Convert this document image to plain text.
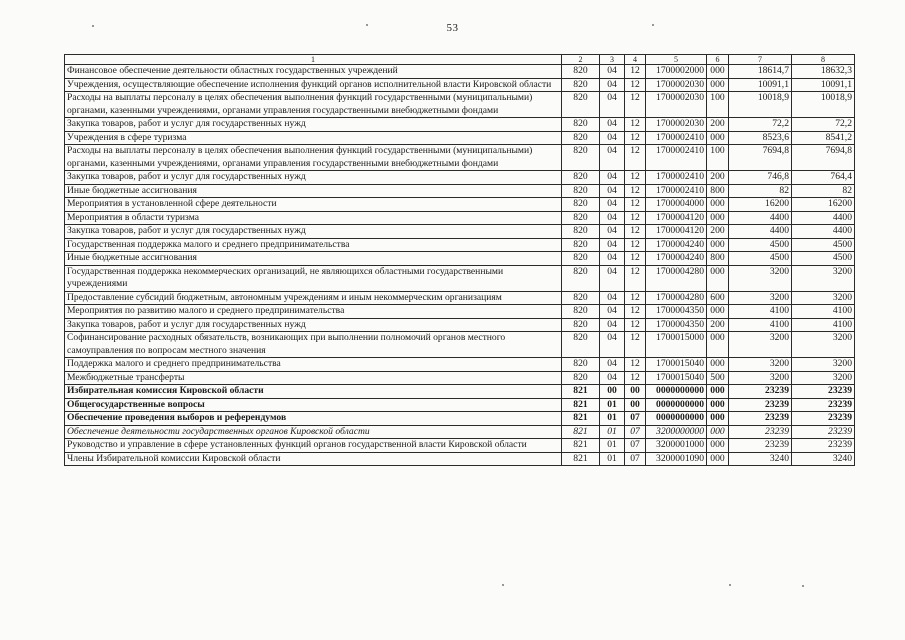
53
1	2	3	4	5	6	7	8
Финансовое обеспечение деятельности областных государственных учреждений	820	04	12	1700002000	000	18614,7	18632,3
Учреждения, осуществляющие обеспечение исполнения функций органов исполнительной власти Кировской области	820	04	12	1700002030	000	10091,1	10091,1
Расходы на выплаты персоналу в целях обеспечения выполнения функций государственными (муниципальными) органами, казенными учреждениями, органами управления государственными внебюджетными фондами	820	04	12	1700002030	100	10018,9	10018,9
Закупка товаров, работ и услуг для государственных нужд	820	04	12	1700002030	200	72,2	72,2
Учреждения в сфере туризма	820	04	12	1700002410	000	8523,6	8541,2
Расходы на выплаты персоналу в целях обеспечения выполнения функций государственными (муниципальными) органами, казенными учреждениями, органами управления государственными внебюджетными фондами	820	04	12	1700002410	100	7694,8	7694,8
Закупка товаров, работ и услуг для государственных нужд	820	04	12	1700002410	200	746,8	764,4
Иные бюджетные ассигнования	820	04	12	1700002410	800	82	82
Мероприятия в установленной сфере деятельности	820	04	12	1700004000	000	16200	16200
Мероприятия в области туризма	820	04	12	1700004120	000	4400	4400
Закупка товаров, работ и услуг для государственных нужд	820	04	12	1700004120	200	4400	4400
Государственная поддержка малого и среднего предпринимательства	820	04	12	1700004240	000	4500	4500
Иные бюджетные ассигнования	820	04	12	1700004240	800	4500	4500
Государственная поддержка некоммерческих организаций, не являющихся областными государственными учреждениями	820	04	12	1700004280	000	3200	3200
Предоставление субсидий бюджетным, автономным учреждениям и иным некоммерческим организациям	820	04	12	1700004280	600	3200	3200
Мероприятия по развитию малого и среднего предпринимательства	820	04	12	1700004350	000	4100	4100
Закупка товаров, работ и услуг для государственных нужд	820	04	12	1700004350	200	4100	4100
Софинансирование расходных обязательств, возникающих при выполнении полномочий органов местного самоуправления по вопросам местного значения	820	04	12	1700015000	000	3200	3200
Поддержка малого и среднего предпринимательства	820	04	12	1700015040	000	3200	3200
Межбюджетные трансферты	820	04	12	1700015040	500	3200	3200
Избирательная комиссия Кировской области	821	00	00	0000000000	000	23239	23239
Общегосударственные вопросы	821	01	00	0000000000	000	23239	23239
Обеспечение проведения выборов и референдумов	821	01	07	0000000000	000	23239	23239
Обеспечение деятельности государственных органов Кировской области	821	01	07	3200000000	000	23239	23239
Руководство и управление в сфере установленных функций органов государственной власти Кировской области	821	01	07	3200001000	000	23239	23239
Члены Избирательной комиссии Кировской области	821	01	07	3200001090	000	3240	3240
